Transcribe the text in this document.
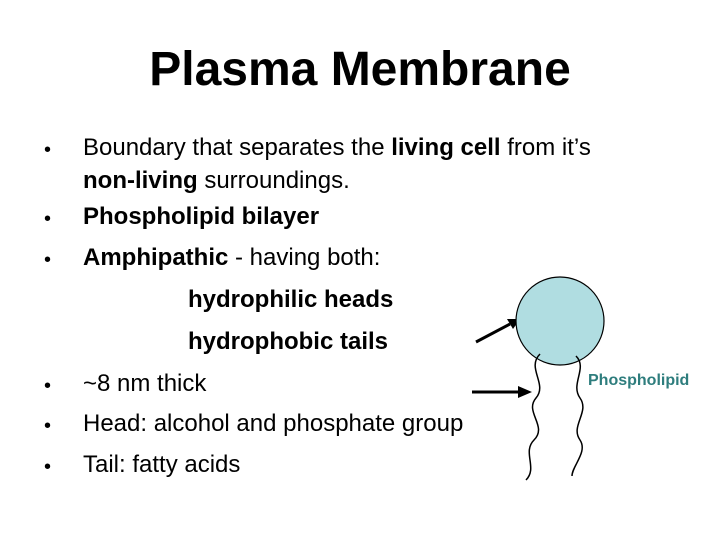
Plasma Membrane
• Boundary that separates the living cell from it’s
non-living surroundings.
• Phospholipid bilayer
• Amphipathic - having both:
hydrophilic heads
hydrophobic tails
• ~8 nm thick
• Head: alcohol and phosphate group
• Tail: fatty acids
Phospholipid
